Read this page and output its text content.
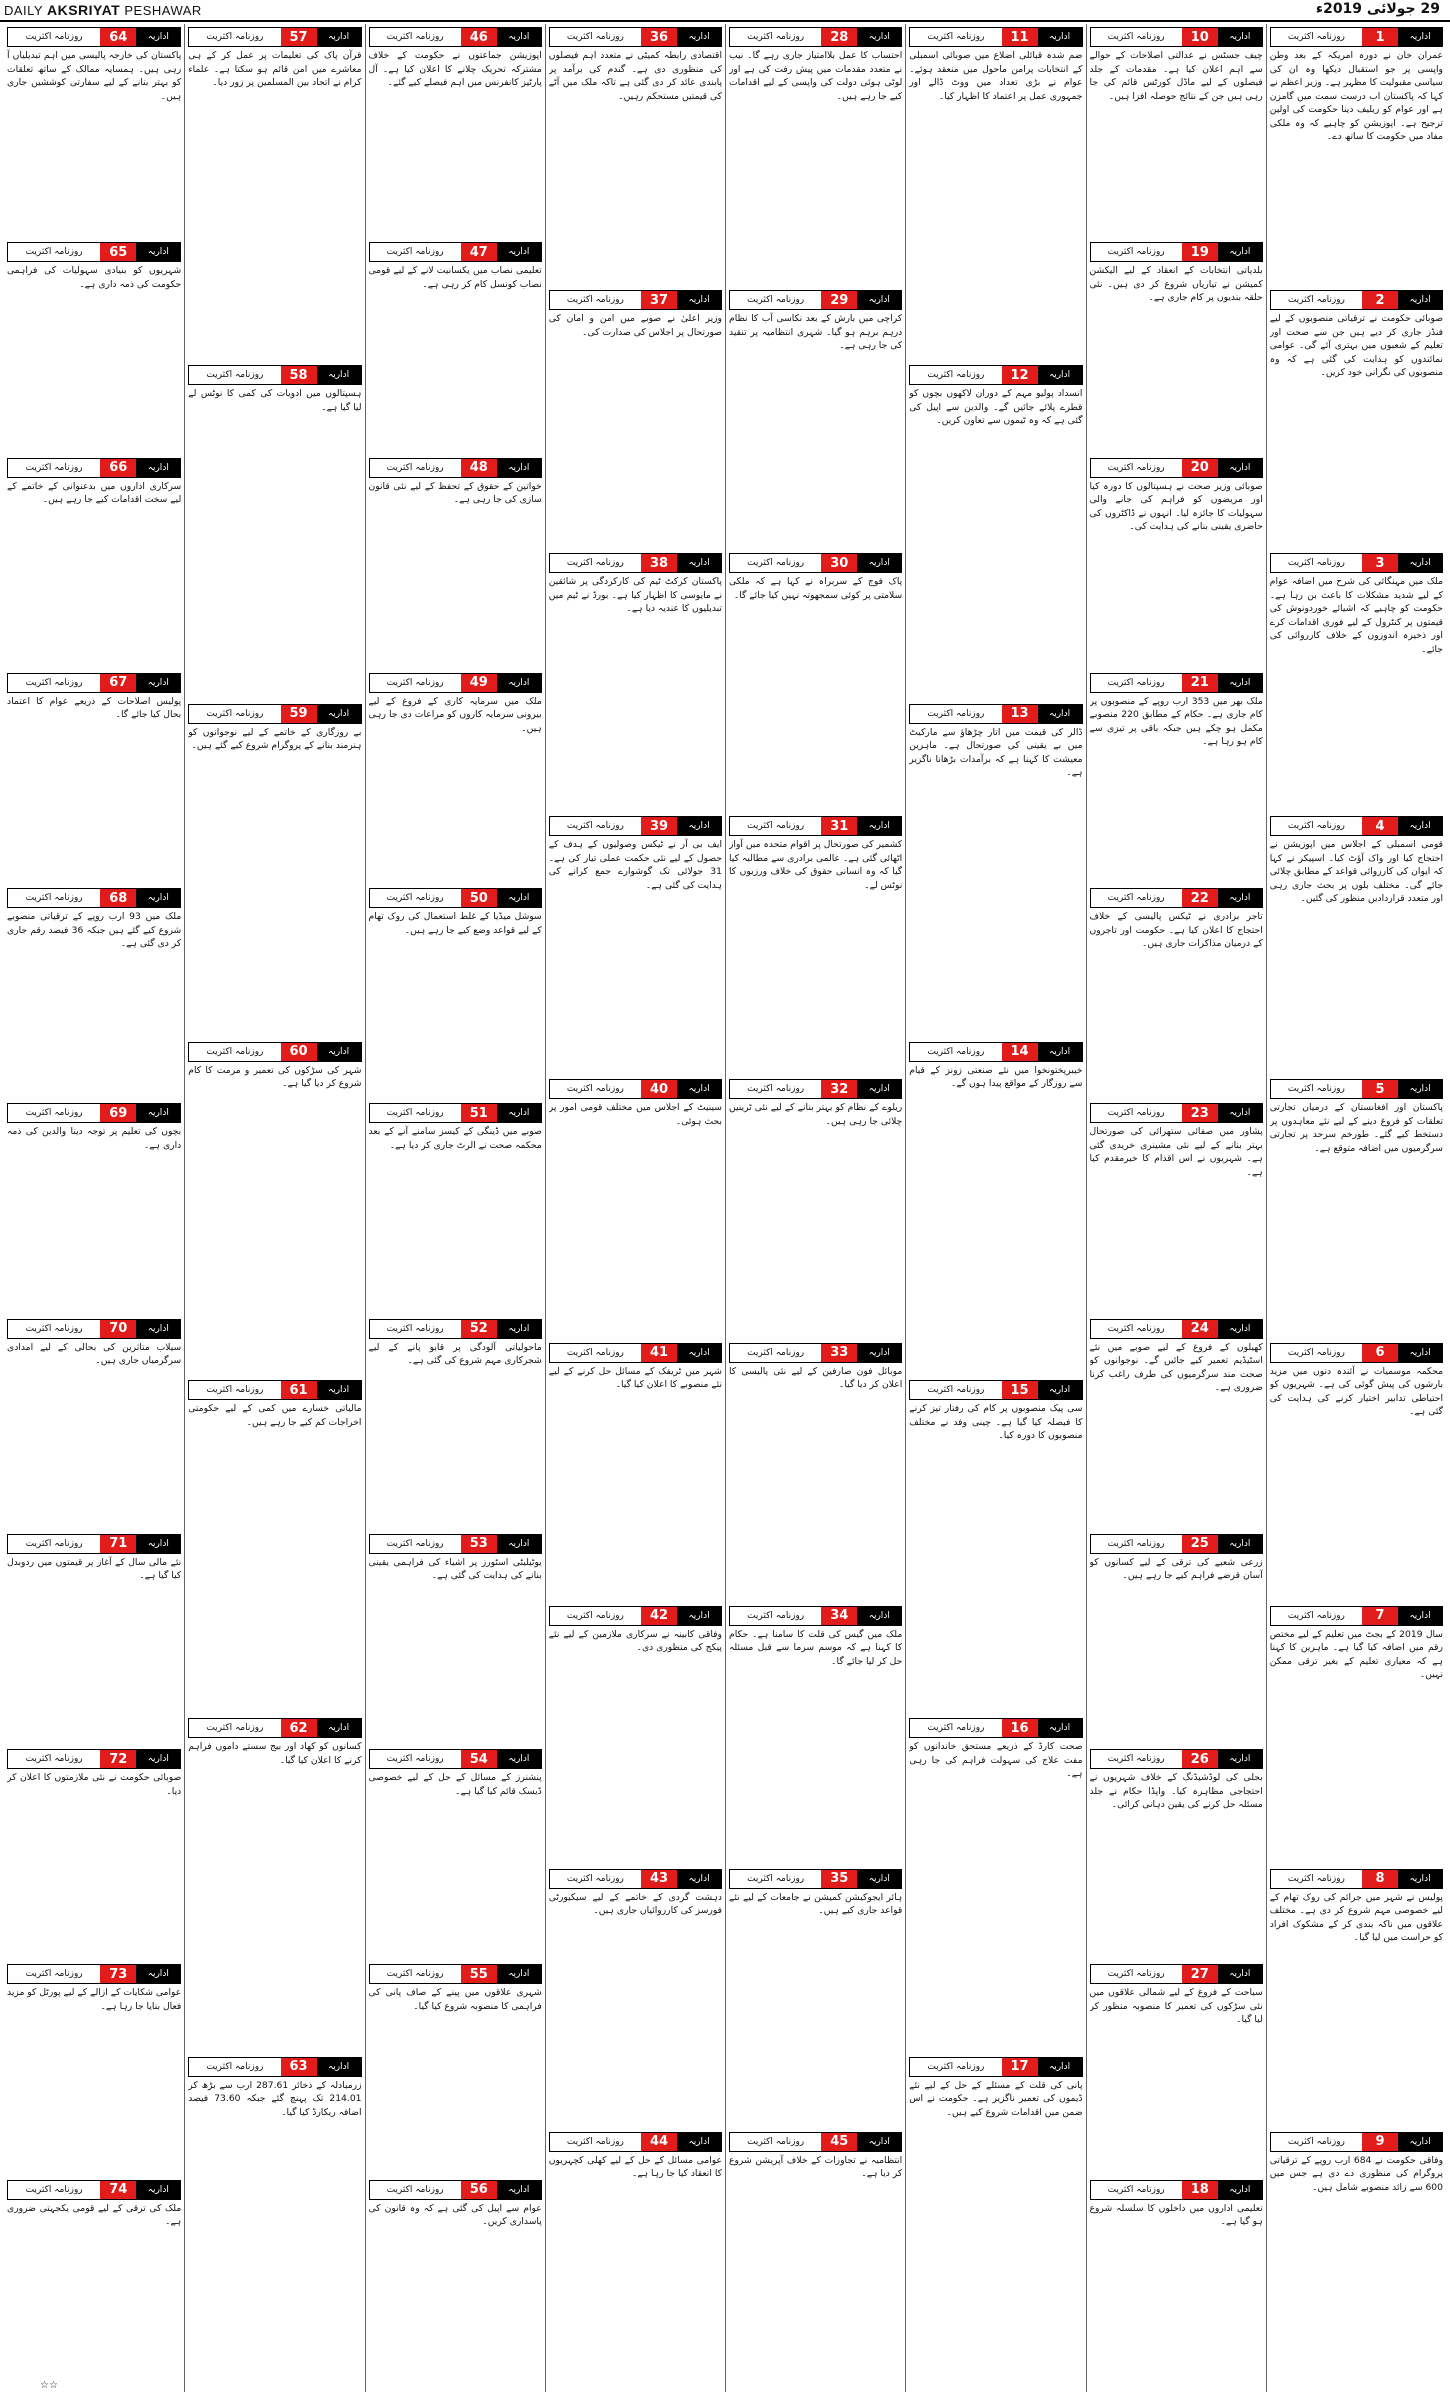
DAILY AKSRIYAT PESHAWAR	29 جولائی 2019ء
اداریہ
1
روزنامہ اکثریت
عمران خان نے دورہ امریکہ کے بعد وطن واپسی پر جو استقبال دیکھا وہ ان کی سیاسی مقبولیت کا مظہر ہے۔ وزیر اعظم نے کہا کہ پاکستان اب درست سمت میں گامزن ہے اور عوام کو ریلیف دینا حکومت کی اولین ترجیح ہے۔ اپوزیشن کو چاہیے کہ وہ ملکی مفاد میں حکومت کا ساتھ دے۔
اداریہ
2
روزنامہ اکثریت
صوبائی حکومت نے ترقیاتی منصوبوں کے لیے فنڈز جاری کر دیے ہیں جن سے صحت اور تعلیم کے شعبوں میں بہتری آئے گی۔ عوامی نمائندوں کو ہدایت کی گئی ہے کہ وہ منصوبوں کی نگرانی خود کریں۔
اداریہ
3
روزنامہ اکثریت
ملک میں مہنگائی کی شرح میں اضافہ عوام کے لیے شدید مشکلات کا باعث بن رہا ہے۔ حکومت کو چاہیے کہ اشیائے خوردونوش کی قیمتوں پر کنٹرول کے لیے فوری اقدامات کرے اور ذخیرہ اندوزوں کے خلاف کارروائی کی جائے۔
اداریہ
4
روزنامہ اکثریت
قومی اسمبلی کے اجلاس میں اپوزیشن نے احتجاج کیا اور واک آؤٹ کیا۔ اسپیکر نے کہا کہ ایوان کی کارروائی قواعد کے مطابق چلائی جائے گی۔ مختلف بلوں پر بحث جاری رہی اور متعدد قراردادیں منظور کی گئیں۔
اداریہ
5
روزنامہ اکثریت
پاکستان اور افغانستان کے درمیان تجارتی تعلقات کو فروغ دینے کے لیے نئے معاہدوں پر دستخط کیے گئے۔ طورخم سرحد پر تجارتی سرگرمیوں میں اضافہ متوقع ہے۔
اداریہ
6
روزنامہ اکثریت
محکمہ موسمیات نے آئندہ دنوں میں مزید بارشوں کی پیش گوئی کی ہے۔ شہریوں کو احتیاطی تدابیر اختیار کرنے کی ہدایت کی گئی ہے۔
اداریہ
7
روزنامہ اکثریت
سال 2019 کے بجٹ میں تعلیم کے لیے مختص رقم میں اضافہ کیا گیا ہے۔ ماہرین کا کہنا ہے کہ معیاری تعلیم کے بغیر ترقی ممکن نہیں۔
اداریہ
8
روزنامہ اکثریت
پولیس نے شہر میں جرائم کی روک تھام کے لیے خصوصی مہم شروع کر دی ہے۔ مختلف علاقوں میں ناکہ بندی کر کے مشکوک افراد کو حراست میں لیا گیا۔
اداریہ
9
روزنامہ اکثریت
وفاقی حکومت نے 684 ارب روپے کے ترقیاتی پروگرام کی منظوری دے دی ہے جس میں 600 سے زائد منصوبے شامل ہیں۔
اداریہ
10
روزنامہ اکثریت
چیف جسٹس نے عدالتی اصلاحات کے حوالے سے اہم اعلان کیا ہے۔ مقدمات کے جلد فیصلوں کے لیے ماڈل کورٹس قائم کی جا رہی ہیں جن کے نتائج حوصلہ افزا ہیں۔
اداریہ
19
روزنامہ اکثریت
بلدیاتی انتخابات کے انعقاد کے لیے الیکشن کمیشن نے تیاریاں شروع کر دی ہیں۔ نئی حلقہ بندیوں پر کام جاری ہے۔
اداریہ
20
روزنامہ اکثریت
صوبائی وزیر صحت نے ہسپتالوں کا دورہ کیا اور مریضوں کو فراہم کی جانے والی سہولیات کا جائزہ لیا۔ انہوں نے ڈاکٹروں کی حاضری یقینی بنانے کی ہدایت کی۔
اداریہ
21
روزنامہ اکثریت
ملک بھر میں 353 ارب روپے کے منصوبوں پر کام جاری ہے۔ حکام کے مطابق 220 منصوبے مکمل ہو چکے ہیں جبکہ باقی پر تیزی سے کام ہو رہا ہے۔
اداریہ
22
روزنامہ اکثریت
تاجر برادری نے ٹیکس پالیسی کے خلاف احتجاج کا اعلان کیا ہے۔ حکومت اور تاجروں کے درمیان مذاکرات جاری ہیں۔
اداریہ
23
روزنامہ اکثریت
پشاور میں صفائی ستھرائی کی صورتحال بہتر بنانے کے لیے نئی مشینری خریدی گئی ہے۔ شہریوں نے اس اقدام کا خیرمقدم کیا ہے۔
اداریہ
24
روزنامہ اکثریت
کھیلوں کے فروغ کے لیے صوبے میں نئے اسٹیڈیم تعمیر کیے جائیں گے۔ نوجوانوں کو صحت مند سرگرمیوں کی طرف راغب کرنا ضروری ہے۔
اداریہ
25
روزنامہ اکثریت
زرعی شعبے کی ترقی کے لیے کسانوں کو آسان قرضے فراہم کیے جا رہے ہیں۔
اداریہ
26
روزنامہ اکثریت
بجلی کی لوڈشیڈنگ کے خلاف شہریوں نے احتجاجی مظاہرہ کیا۔ واپڈا حکام نے جلد مسئلہ حل کرنے کی یقین دہانی کرائی۔
اداریہ
27
روزنامہ اکثریت
سیاحت کے فروغ کے لیے شمالی علاقوں میں نئی سڑکوں کی تعمیر کا منصوبہ منظور کر لیا گیا۔
اداریہ
18
روزنامہ اکثریت
تعلیمی اداروں میں داخلوں کا سلسلہ شروع ہو گیا ہے۔
اداریہ
11
روزنامہ اکثریت
ضم شدہ قبائلی اضلاع میں صوبائی اسمبلی کے انتخابات پرامن ماحول میں منعقد ہوئے۔ عوام نے بڑی تعداد میں ووٹ ڈالے اور جمہوری عمل پر اعتماد کا اظہار کیا۔
اداریہ
12
روزنامہ اکثریت
انسداد پولیو مہم کے دوران لاکھوں بچوں کو قطرے پلائے جائیں گے۔ والدین سے اپیل کی گئی ہے کہ وہ ٹیموں سے تعاون کریں۔
اداریہ
13
روزنامہ اکثریت
ڈالر کی قیمت میں اتار چڑھاؤ سے مارکیٹ میں بے یقینی کی صورتحال ہے۔ ماہرین معیشت کا کہنا ہے کہ برآمدات بڑھانا ناگزیر ہے۔
اداریہ
14
روزنامہ اکثریت
خیبرپختونخوا میں نئے صنعتی زونز کے قیام سے روزگار کے مواقع پیدا ہوں گے۔
اداریہ
15
روزنامہ اکثریت
سی پیک منصوبوں پر کام کی رفتار تیز کرنے کا فیصلہ کیا گیا ہے۔ چینی وفد نے مختلف منصوبوں کا دورہ کیا۔
اداریہ
16
روزنامہ اکثریت
صحت کارڈ کے ذریعے مستحق خاندانوں کو مفت علاج کی سہولت فراہم کی جا رہی ہے۔
اداریہ
17
روزنامہ اکثریت
پانی کی قلت کے مسئلے کے حل کے لیے نئے ڈیموں کی تعمیر ناگزیر ہے۔ حکومت نے اس ضمن میں اقدامات شروع کیے ہیں۔
اداریہ
28
روزنامہ اکثریت
احتساب کا عمل بلاامتیاز جاری رہے گا۔ نیب نے متعدد مقدمات میں پیش رفت کی ہے اور لوٹی ہوئی دولت کی واپسی کے لیے اقدامات کیے جا رہے ہیں۔
اداریہ
29
روزنامہ اکثریت
کراچی میں بارش کے بعد نکاسی آب کا نظام درہم برہم ہو گیا۔ شہری انتظامیہ پر تنقید کی جا رہی ہے۔
اداریہ
30
روزنامہ اکثریت
پاک فوج کے سربراہ نے کہا ہے کہ ملکی سلامتی پر کوئی سمجھوتہ نہیں کیا جائے گا۔
اداریہ
31
روزنامہ اکثریت
کشمیر کی صورتحال پر اقوام متحدہ میں آواز اٹھائی گئی ہے۔ عالمی برادری سے مطالبہ کیا گیا کہ وہ انسانی حقوق کی خلاف ورزیوں کا نوٹس لے۔
اداریہ
32
روزنامہ اکثریت
ریلوے کے نظام کو بہتر بنانے کے لیے نئی ٹرینیں چلائی جا رہی ہیں۔
اداریہ
33
روزنامہ اکثریت
موبائل فون صارفین کے لیے نئی پالیسی کا اعلان کر دیا گیا۔
اداریہ
34
روزنامہ اکثریت
ملک میں گیس کی قلت کا سامنا ہے۔ حکام کا کہنا ہے کہ موسم سرما سے قبل مسئلہ حل کر لیا جائے گا۔
اداریہ
35
روزنامہ اکثریت
ہائر ایجوکیشن کمیشن نے جامعات کے لیے نئے قواعد جاری کیے ہیں۔
اداریہ
45
روزنامہ اکثریت
انتظامیہ نے تجاوزات کے خلاف آپریشن شروع کر دیا ہے۔
اداریہ
36
روزنامہ اکثریت
اقتصادی رابطہ کمیٹی نے متعدد اہم فیصلوں کی منظوری دی ہے۔ گندم کی برآمد پر پابندی عائد کر دی گئی ہے تاکہ ملک میں آٹے کی قیمتیں مستحکم رہیں۔
اداریہ
37
روزنامہ اکثریت
وزیر اعلیٰ نے صوبے میں امن و امان کی صورتحال پر اجلاس کی صدارت کی۔
اداریہ
38
روزنامہ اکثریت
پاکستان کرکٹ ٹیم کی کارکردگی پر شائقین نے مایوسی کا اظہار کیا ہے۔ بورڈ نے ٹیم میں تبدیلیوں کا عندیہ دیا ہے۔
اداریہ
39
روزنامہ اکثریت
ایف بی آر نے ٹیکس وصولیوں کے ہدف کے حصول کے لیے نئی حکمت عملی تیار کی ہے۔ 31 جولائی تک گوشوارے جمع کرانے کی ہدایت کی گئی ہے۔
اداریہ
40
روزنامہ اکثریت
سینیٹ کے اجلاس میں مختلف قومی امور پر بحث ہوئی۔
اداریہ
41
روزنامہ اکثریت
شہر میں ٹریفک کے مسائل حل کرنے کے لیے نئے منصوبے کا اعلان کیا گیا۔
اداریہ
42
روزنامہ اکثریت
وفاقی کابینہ نے سرکاری ملازمین کے لیے نئے پیکج کی منظوری دی۔
اداریہ
43
روزنامہ اکثریت
دہشت گردی کے خاتمے کے لیے سیکیورٹی فورسز کی کارروائیاں جاری ہیں۔
اداریہ
44
روزنامہ اکثریت
عوامی مسائل کے حل کے لیے کھلی کچہریوں کا انعقاد کیا جا رہا ہے۔
اداریہ
46
روزنامہ اکثریت
اپوزیشن جماعتوں نے حکومت کے خلاف مشترکہ تحریک چلانے کا اعلان کیا ہے۔ آل پارٹیز کانفرنس میں اہم فیصلے کیے گئے۔
اداریہ
47
روزنامہ اکثریت
تعلیمی نصاب میں یکسانیت لانے کے لیے قومی نصاب کونسل کام کر رہی ہے۔
اداریہ
48
روزنامہ اکثریت
خواتین کے حقوق کے تحفظ کے لیے نئی قانون سازی کی جا رہی ہے۔
اداریہ
49
روزنامہ اکثریت
ملک میں سرمایہ کاری کے فروغ کے لیے بیرونی سرمایہ کاروں کو مراعات دی جا رہی ہیں۔
اداریہ
50
روزنامہ اکثریت
سوشل میڈیا کے غلط استعمال کی روک تھام کے لیے قواعد وضع کیے جا رہے ہیں۔
اداریہ
51
روزنامہ اکثریت
صوبے میں ڈینگی کے کیسز سامنے آنے کے بعد محکمہ صحت نے الرٹ جاری کر دیا ہے۔
اداریہ
52
روزنامہ اکثریت
ماحولیاتی آلودگی پر قابو پانے کے لیے شجرکاری مہم شروع کی گئی ہے۔
اداریہ
53
روزنامہ اکثریت
یوٹیلیٹی اسٹورز پر اشیاء کی فراہمی یقینی بنانے کی ہدایت کی گئی ہے۔
اداریہ
54
روزنامہ اکثریت
پنشنرز کے مسائل کے حل کے لیے خصوصی ڈیسک قائم کیا گیا ہے۔
اداریہ
55
روزنامہ اکثریت
شہری علاقوں میں پینے کے صاف پانی کی فراہمی کا منصوبہ شروع کیا گیا۔
اداریہ
56
روزنامہ اکثریت
عوام سے اپیل کی گئی ہے کہ وہ قانون کی پاسداری کریں۔
اداریہ
57
روزنامہ اکثریت
قرآن پاک کی تعلیمات پر عمل کر کے ہی معاشرے میں امن قائم ہو سکتا ہے۔ علماء کرام نے اتحاد بین المسلمین پر زور دیا۔
اداریہ
58
روزنامہ اکثریت
ہسپتالوں میں ادویات کی کمی کا نوٹس لے لیا گیا ہے۔
اداریہ
59
روزنامہ اکثریت
بے روزگاری کے خاتمے کے لیے نوجوانوں کو ہنرمند بنانے کے پروگرام شروع کیے گئے ہیں۔
اداریہ
60
روزنامہ اکثریت
شہر کی سڑکوں کی تعمیر و مرمت کا کام شروع کر دیا گیا ہے۔
اداریہ
61
روزنامہ اکثریت
مالیاتی خسارے میں کمی کے لیے حکومتی اخراجات کم کیے جا رہے ہیں۔
اداریہ
62
روزنامہ اکثریت
کسانوں کو کھاد اور بیج سستے داموں فراہم کرنے کا اعلان کیا گیا۔
اداریہ
63
روزنامہ اکثریت
زرمبادلہ کے ذخائر 287.61 ارب سے بڑھ کر 214.01 تک پہنچ گئے جبکہ 73.60 فیصد اضافہ ریکارڈ کیا گیا۔
اداریہ
64
روزنامہ اکثریت
پاکستان کی خارجہ پالیسی میں اہم تبدیلیاں آ رہی ہیں۔ ہمسایہ ممالک کے ساتھ تعلقات کو بہتر بنانے کے لیے سفارتی کوششیں جاری ہیں۔
اداریہ
65
روزنامہ اکثریت
شہریوں کو بنیادی سہولیات کی فراہمی حکومت کی ذمہ داری ہے۔
اداریہ
66
روزنامہ اکثریت
سرکاری اداروں میں بدعنوانی کے خاتمے کے لیے سخت اقدامات کیے جا رہے ہیں۔
اداریہ
67
روزنامہ اکثریت
پولیس اصلاحات کے ذریعے عوام کا اعتماد بحال کیا جائے گا۔
اداریہ
68
روزنامہ اکثریت
ملک میں 93 ارب روپے کے ترقیاتی منصوبے شروع کیے گئے ہیں جبکہ 36 فیصد رقم جاری کر دی گئی ہے۔
اداریہ
69
روزنامہ اکثریت
بچوں کی تعلیم پر توجہ دینا والدین کی ذمہ داری ہے۔
اداریہ
70
روزنامہ اکثریت
سیلاب متاثرین کی بحالی کے لیے امدادی سرگرمیاں جاری ہیں۔
اداریہ
71
روزنامہ اکثریت
نئے مالی سال کے آغاز پر قیمتوں میں ردوبدل کیا گیا ہے۔
اداریہ
72
روزنامہ اکثریت
صوبائی حکومت نے نئی ملازمتوں کا اعلان کر دیا۔
اداریہ
73
روزنامہ اکثریت
عوامی شکایات کے ازالے کے لیے پورٹل کو مزید فعال بنایا جا رہا ہے۔
اداریہ
74
روزنامہ اکثریت
ملک کی ترقی کے لیے قومی یکجہتی ضروری ہے۔
☆☆
